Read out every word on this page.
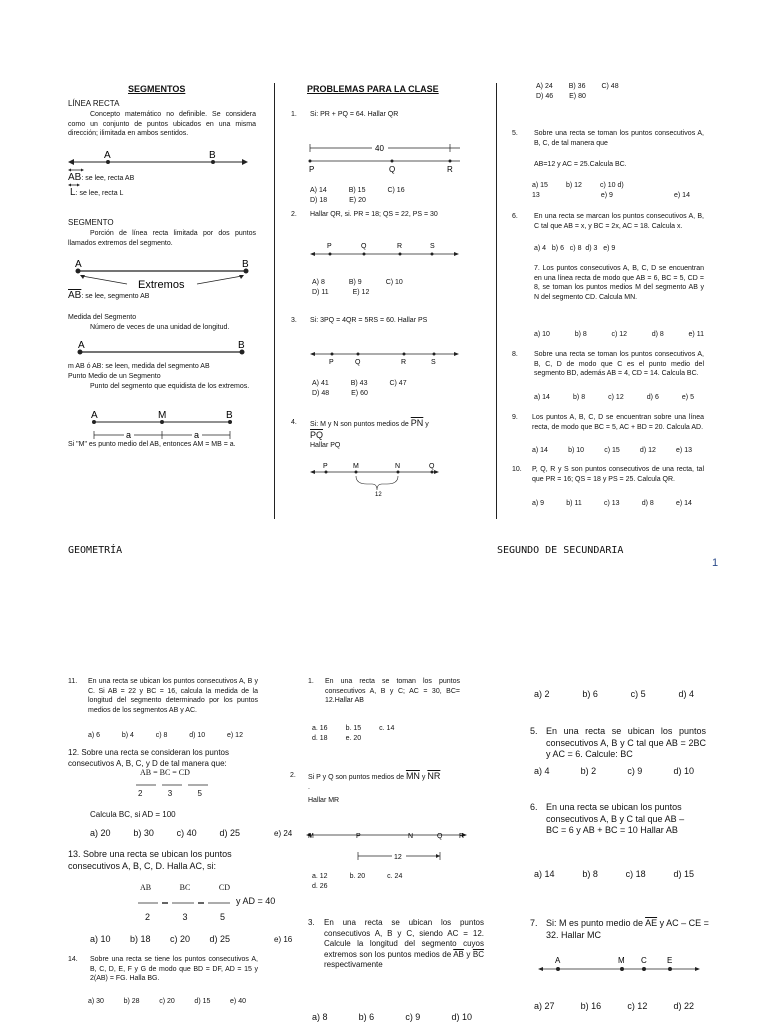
SEGMENTOS
LÍNEA RECTA
Concepto matemático no definible. Se considera como un conjunto de puntos ubicados en una misma dirección; ilimitada en ambos sentidos.
A	B
AB: se lee, recta AB
L: se lee, recta L
SEGMENTO
Porción de línea recta limitada por dos puntos llamados extremos del segmento.
A	B
Extremos
$\overline{AB}$: se lee, segmento AB
Medida del Segmento
Número de veces de una unidad de longitud.
A	B
m AB ó AB: se leen, medida del segmento AB
Punto Medio de un Segmento
Punto del segmento que equidista de los extremos.
A	M	B
a	a
Si "M" es punto medio del AB, entonces AM = MB = a.
PROBLEMAS PARA LA CLASE
1. Si: PR + PQ = 64. Hallar QR
40
P	Q	R
A) 14	B) 15	C) 16
D) 18	E) 20
2. Hallar QR, si. PR = 18; QS = 22, PS = 30
P	Q	R	S
A) 8	B) 9	C) 10
D) 11	E) 12
3. Si: 3PQ = 4QR = 5RS = 60. Hallar PS
P	Q	R	S
A) 41	B) 43	C) 47
D) 48	E) 60
4. Si: M y N son puntos medios de $\overline{PN}$ y
$\overline{PQ}$
Hallar PQ
P	M	N	Q
12
A) 24 B) 36 C) 48
D) 46 E) 80
5. Sobre una recta se toman los puntos consecutivos A, B, C, de tal manera que
AB=12 y AC = 25.Calcula BC.
a) 15	b) 12	c) 10 d)
13	e) 9	e) 14
6. En una recta se marcan los puntos consecutivos A, B, C tal que AB = x, y BC = 2x, AC = 18. Calcula x.
a) 4   b) 6   c) 8  d) 3   e) 9
7. Los puntos consecutivos A, B, C, D se encuentran en una línea recta de modo que AB = 6, BC = 5, CD = 8, se toman los puntos medios M del segmento AB y N del segmento CD. Calcula MN.
a) 10	b) 8	c) 12	d) 8	e) 11
8. Sobre una recta se toman los puntos consecutivos A, B, C, D de modo que C es el punto medio del segmento BD, además AB = 4, CD = 14. Calcula BC.
a) 14	b) 8	c) 12	d) 6	e) 5
9. Los puntos A, B, C, D se encuentran sobre una línea recta, de modo que BC = 5, AC + BD = 20. Calcula AD.
a) 14	b) 10	c) 15	d) 12	e) 13
10. P, Q, R y S son puntos consecutivos de una recta, tal que PR = 16; QS = 18 y PS = 25. Calcula QR.
a) 9	b) 11	c) 13	d) 8	e) 14
GEOMETRÍA	SEGUNDO DE SECUNDARIA
1
11. En una recta se ubican los puntos consecutivos A, B y C. Si AB = 22 y BC = 16, calcula la medida de la longitud del segmento determinado por los puntos medios de los segmentos AB y AC.
a) 6	b) 4	c) 8	d) 10	e) 12
12. Sobre una recta se consideran los puntos consecutivos A, B, C, y D de tal manera que:
AB = BC = CD
2	3	5
Calcula BC, si AD = 100
a) 20	b) 30	c) 40	d) 25
13. Sobre una recta se ubican los puntos consecutivos A, B, C, D. Halla AC, si:
AB	BC	CD
y AD = 40
2	3	5
a) 10 b) 18 c) 20 d) 25
14. Sobre una recta se tiene los puntos consecutivos A, B, C, D, E, F y G de modo que BD = DF, AD = 15 y 2(AB) = FG. Halla BG.
a) 30	b) 28	c) 20	d) 15	e) 40
1. En una recta se toman los puntos consecutivos A, B y C; AC = 30, BC= 12.Hallar AB
a. 16	b. 15	c. 14
d. 18	e. 20
2. Si P y Q son puntos medios de $\overline{MN}$ y $\overline{NR}$
.
Hallar MR
e) 24 M	P	N	Q R
12
a. 12	b. 20	c. 24
d. 26
3. En una recta se ubican los puntos consecutivos A, B y C, siendo AC = 12. Calcule la longitud del segmento cuyos extremos son los puntos medios de $\overline{AB}$ y $\overline{BC}$ respectivamente
e) 16
a) 8	b) 6	c) 9	d) 10
a) 2	b) 6	c) 5	d) 4
5. En una recta se ubican los puntos consecutivos A, B y C tal que AB = 2BC y AC = 6. Calcule: BC
a) 4	b) 2	c) 9	d) 10
6. En una recta se ubican los puntos consecutivos A, B y C tal que AB – BC = 6 y AB + BC = 10 Hallar AB
a) 14	b) 8	c) 18	d) 15
7. Si: M es punto medio de $\overline{AE}$ y AC – CE = 32. Hallar MC
A	M C	E
a) 27	b) 16	c) 12	d) 22
